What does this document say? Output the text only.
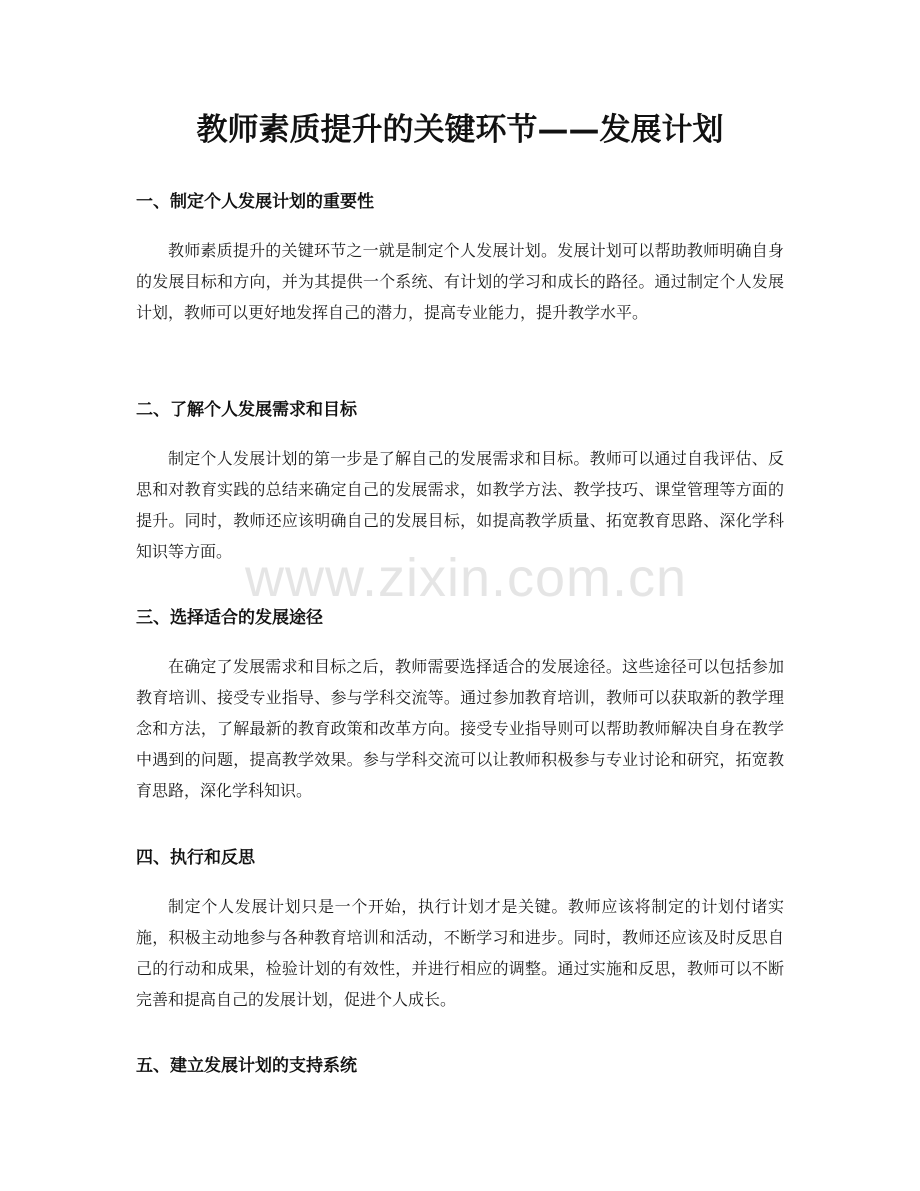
教师素质提升的关键环节——发展计划
一、制定个人发展计划的重要性

教师素质提升的关键环节之一就是制定个人发展计划。发展计划可以帮助教师明确自身的发展目标和方向，并为其提供一个系统、有计划的学习和成长的路径。通过制定个人发展计划，教师可以更好地发挥自己的潜力，提高专业能力，提升教学水平。

二、了解个人发展需求和目标

制定个人发展计划的第一步是了解自己的发展需求和目标。教师可以通过自我评估、反思和对教育实践的总结来确定自己的发展需求，如教学方法、教学技巧、课堂管理等方面的提升。同时，教师还应该明确自己的发展目标，如提高教学质量、拓宽教育思路、深化学科知识等方面。

三、选择适合的发展途径

在确定了发展需求和目标之后，教师需要选择适合的发展途径。这些途径可以包括参加教育培训、接受专业指导、参与学科交流等。通过参加教育培训，教师可以获取新的教学理念和方法，了解最新的教育政策和改革方向。接受专业指导则可以帮助教师解决自身在教学中遇到的问题，提高教学效果。参与学科交流可以让教师积极参与专业讨论和研究，拓宽教育思路，深化学科知识。

四、执行和反思

制定个人发展计划只是一个开始，执行计划才是关键。教师应该将制定的计划付诸实施，积极主动地参与各种教育培训和活动，不断学习和进步。同时，教师还应该及时反思自己的行动和成果，检验计划的有效性，并进行相应的调整。通过实施和反思，教师可以不断完善和提高自己的发展计划，促进个人成长。

五、建立发展计划的支持系统
www.zixin.com.cn
